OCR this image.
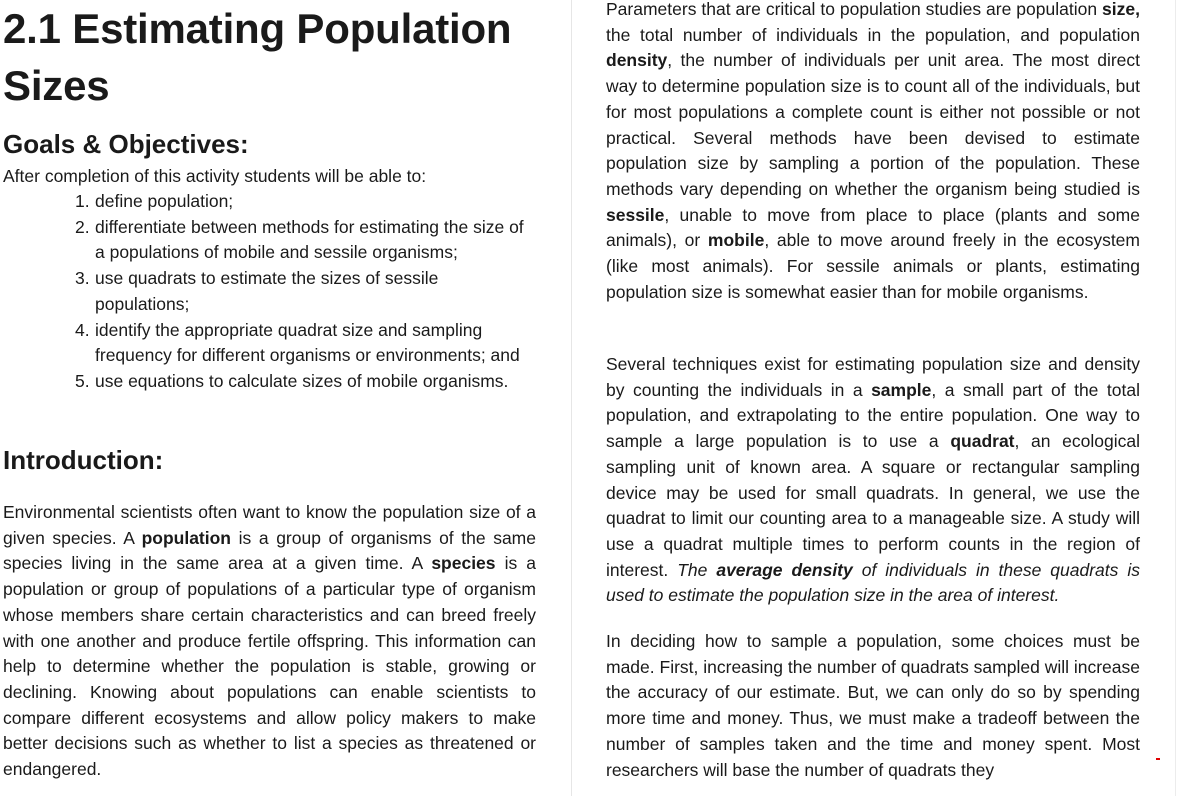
2.1 Estimating Population Sizes
Goals & Objectives:
After completion of this activity students will be able to:
1. define population;
2. differentiate between methods for estimating the size of a populations of mobile and sessile organisms;
3. use quadrats to estimate the sizes of sessile populations;
4. identify the appropriate quadrat size and sampling frequency for different organisms or environments; and
5. use equations to calculate sizes of mobile organisms.
Introduction:

Environmental scientists often want to know the population size of a given species. A population is a group of organisms of the same species living in the same area at a given time. A species is a population or group of populations of a particular type of organism whose members share certain characteristics and can breed freely with one another and produce fertile offspring. This information can help to determine whether the population is stable, growing or declining. Knowing about populations can enable scientists to compare different ecosystems and allow policy makers to make better decisions such as whether to list a species as threatened or endangered.

Parameters that are critical to population studies are population size, the total number of individuals in the population, and population density, the number of individuals per unit area. The most direct way to determine population size is to count all of the individuals, but for most populations a complete count is either not possible or not practical. Several methods have been devised to estimate population size by sampling a portion of the population. These methods vary depending on whether the organism being studied is sessile, unable to move from place to place (plants and some animals), or mobile, able to move around freely in the ecosystem (like most animals). For sessile animals or plants, estimating population size is somewhat easier than for mobile organisms.

Several techniques exist for estimating population size and density by counting the individuals in a sample, a small part of the total population, and extrapolating to the entire population. One way to sample a large population is to use a quadrat, an ecological sampling unit of known area. A square or rectangular sampling device may be used for small quadrats. In general, we use the quadrat to limit our counting area to a manageable size. A study will use a quadrat multiple times to perform counts in the region of interest. The average density of individuals in these quadrats is used to estimate the population size in the area of interest.

In deciding how to sample a population, some choices must be made. First, increasing the number of quadrats sampled will increase the accuracy of our estimate. But, we can only do so by spending more time and money. Thus, we must make a tradeoff between the number of samples taken and the time and money spent. Most researchers will base the number of quadrats they
